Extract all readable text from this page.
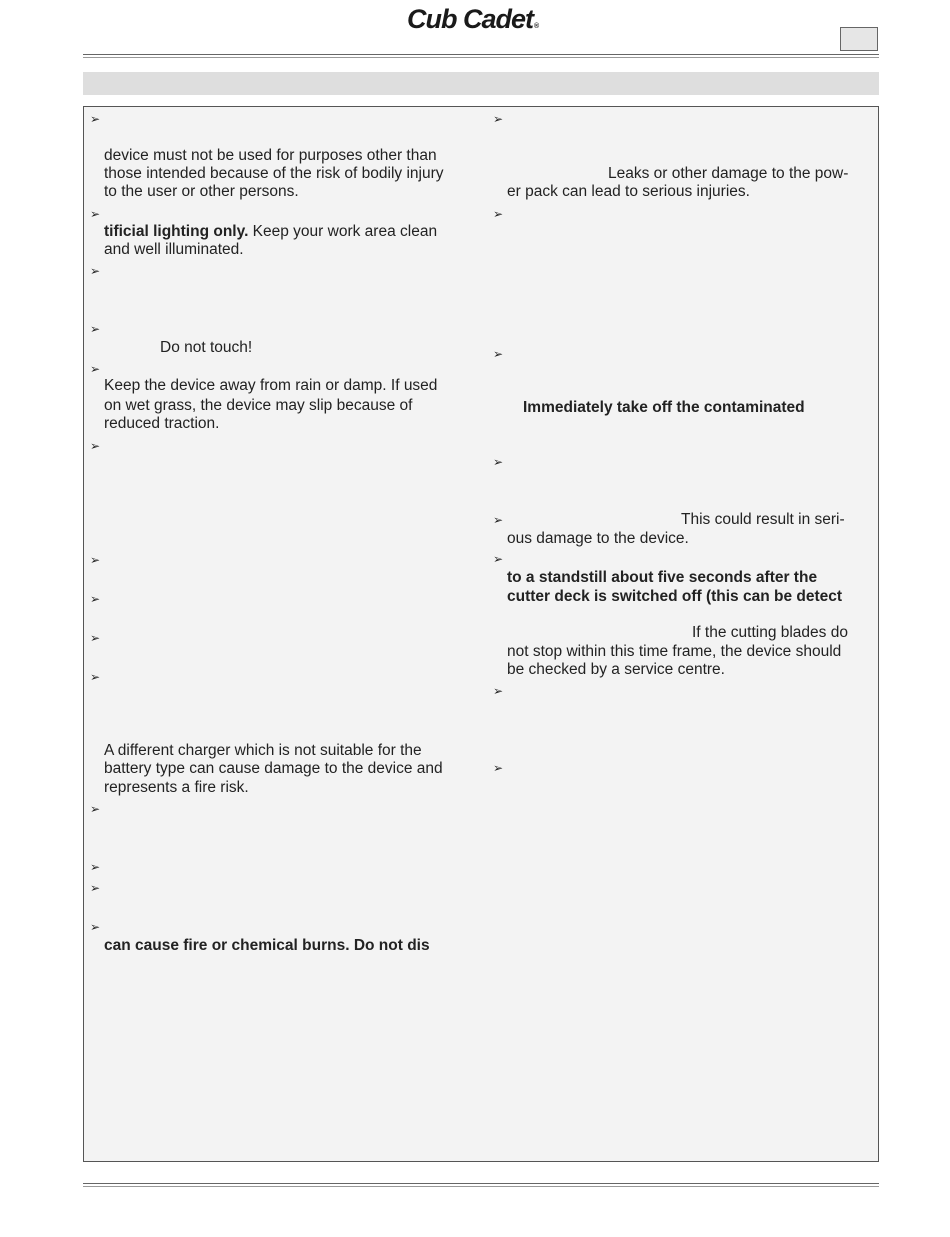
Cub Cadet®
➢
➢
➢
➢
➢
➢
➢
➢
➢
➢
➢
➢
➢
➢
device must not be used for purposes other than
those intended because of the risk of bodily injury
to the user or other persons.
tificial lighting only. Keep your work area clean
and well illuminated.
Do not touch!
Keep the device away from rain or damp. If used
on wet grass, the device may slip because of
reduced traction.
A different charger which is not suitable for the
battery type can cause damage to the device and
represents a fire risk.
can cause fire or chemical burns. Do not dis
➢
➢
➢
➢
➢
➢
➢
➢
Leaks or other damage to the pow-
er pack can lead to serious injuries.
Immediately take off the contaminated
This could result in seri-
ous damage to the device.
to a standstill about five seconds after the
cutter deck is switched off (this can be detect
If the cutting blades do
not stop within this time frame, the device should
be checked by a service centre.
